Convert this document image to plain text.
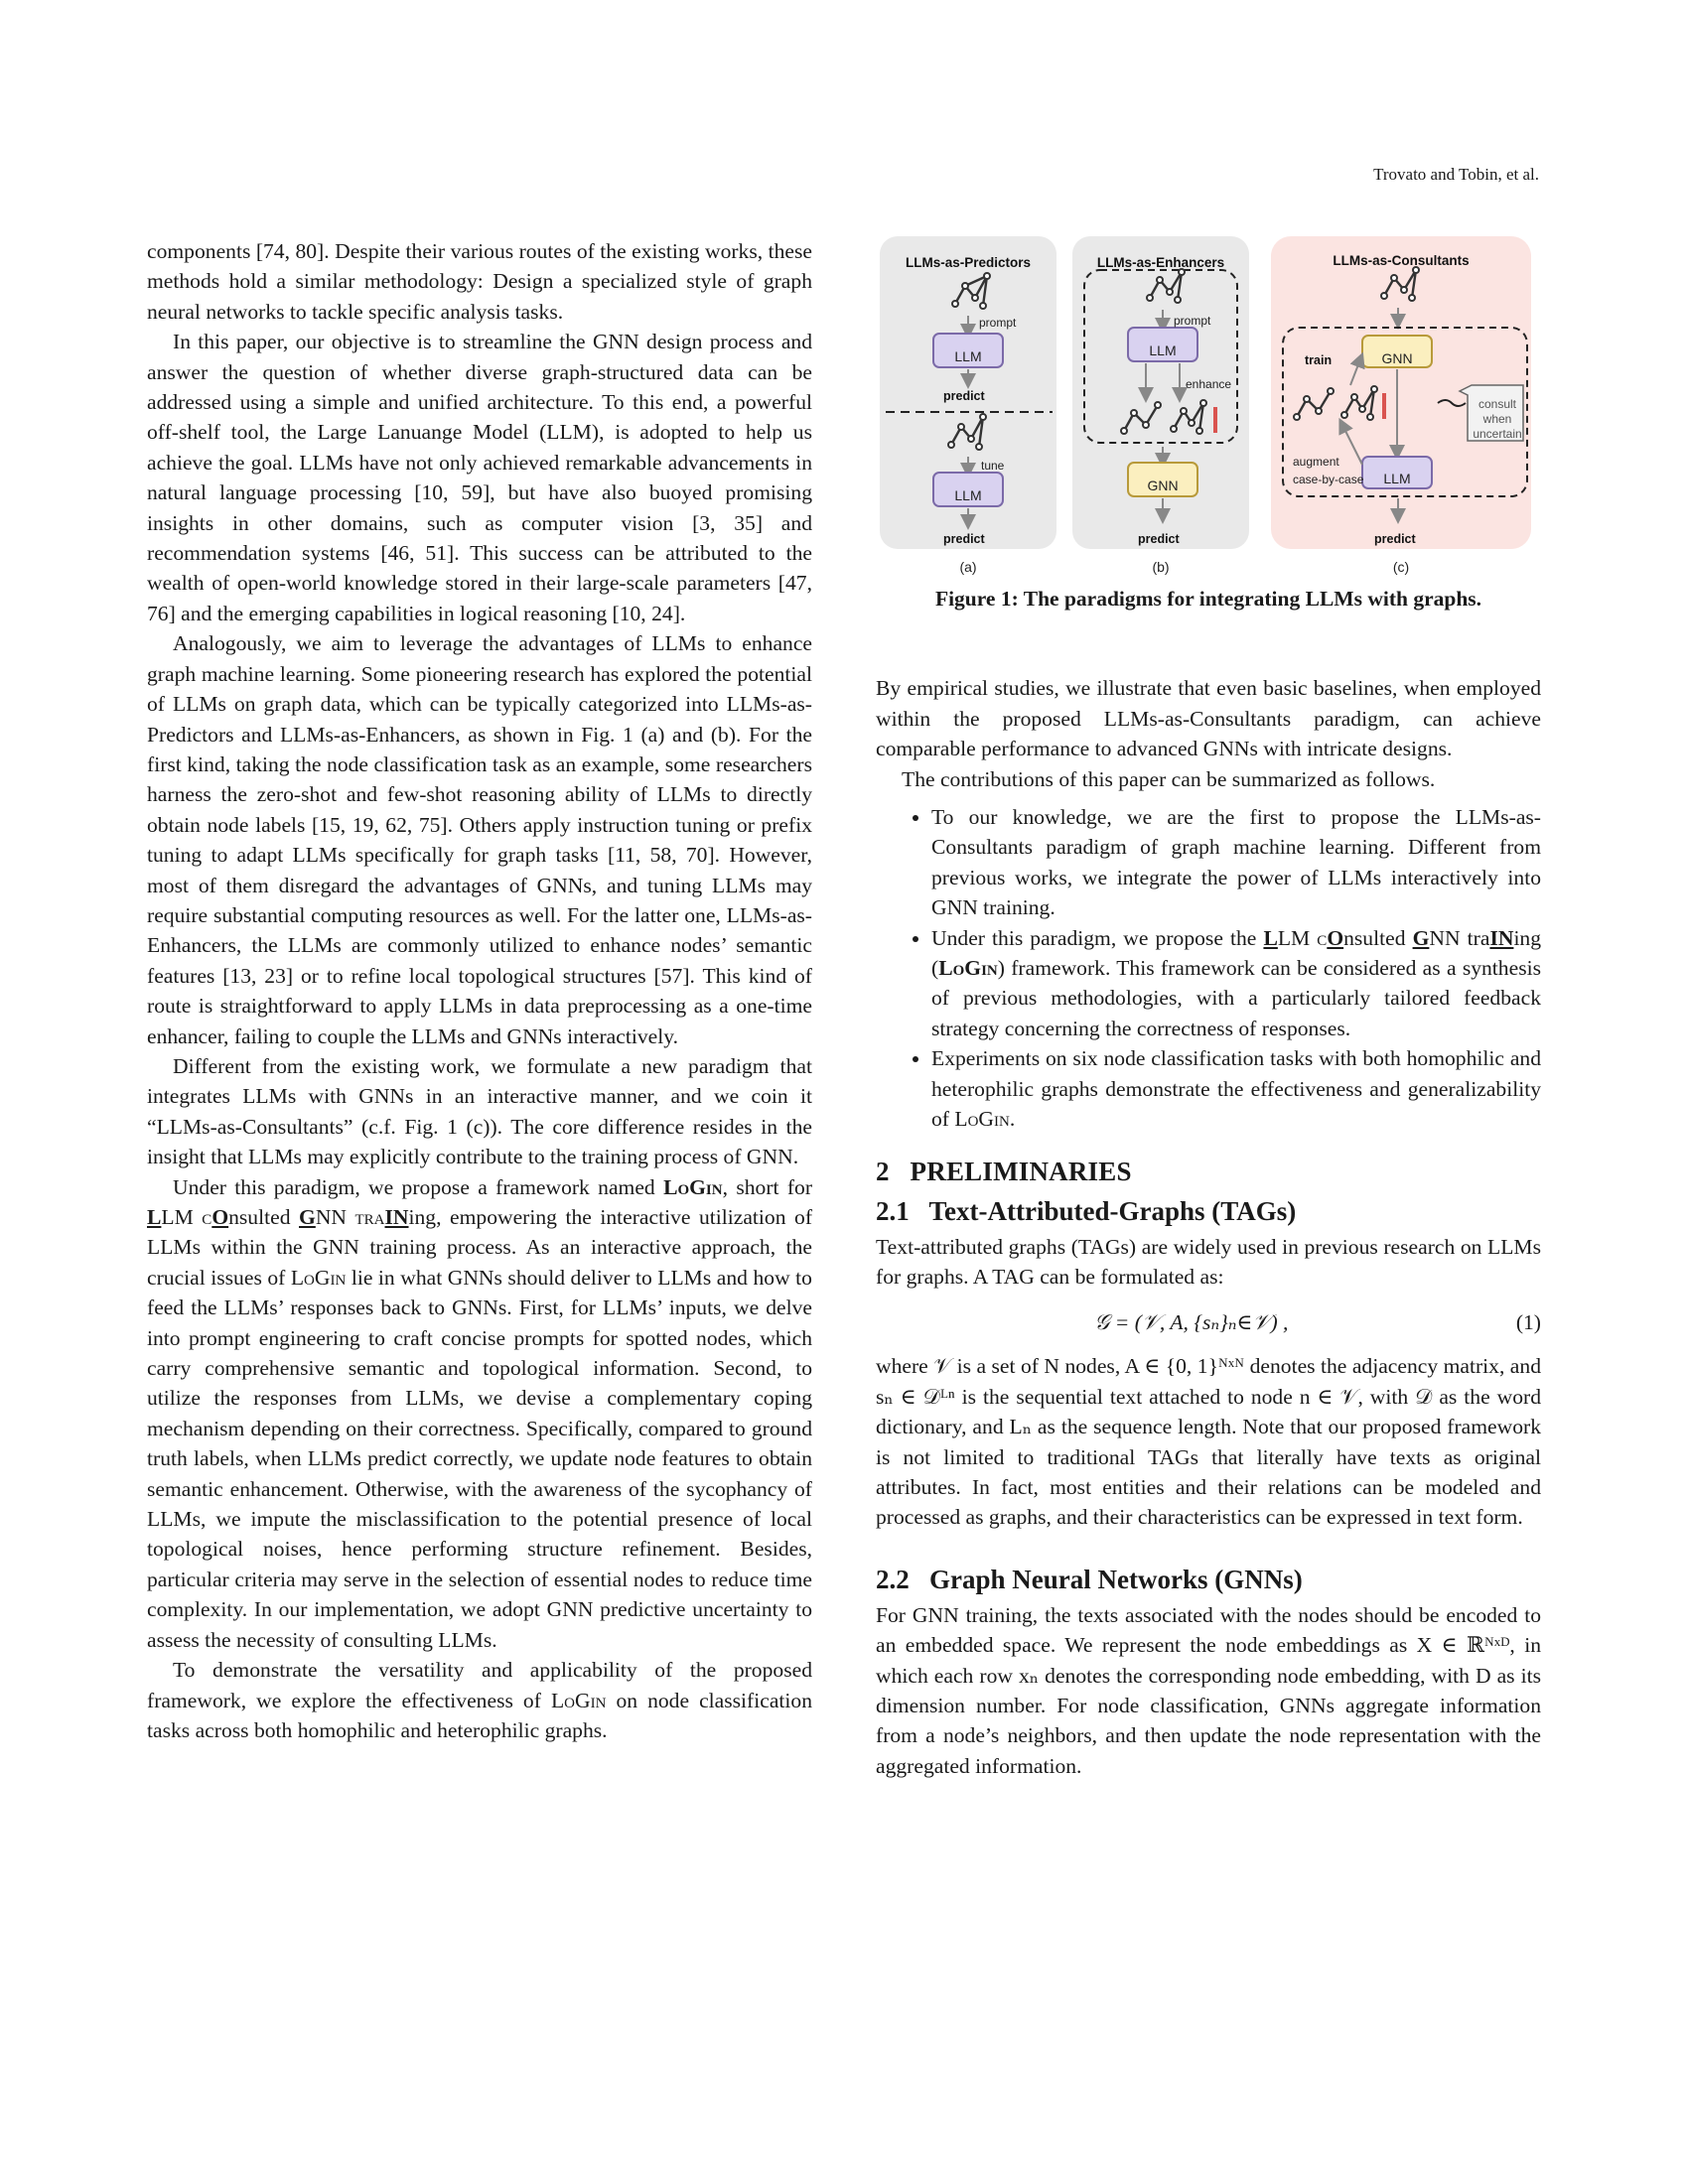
Trovato and Tobin, et al.

components [74, 80]. Despite their various routes of the existing works, these methods hold a similar methodology: Design a specialized style of graph neural networks to tackle specific analysis tasks.

In this paper, our objective is to streamline the GNN design process and answer the question of whether diverse graph-structured data can be addressed using a simple and unified architecture. To this end, a powerful off-shelf tool, the Large Lanuange Model (LLM), is adopted to help us achieve the goal. LLMs have not only achieved remarkable advancements in natural language processing [10, 59], but have also buoyed promising insights in other domains, such as computer vision [3, 35] and recommendation systems [46, 51]. This success can be attributed to the wealth of open-world knowledge stored in their large-scale parameters [47, 76] and the emerging capabilities in logical reasoning [10, 24].

Analogously, we aim to leverage the advantages of LLMs to enhance graph machine learning. Some pioneering research has explored the potential of LLMs on graph data, which can be typically categorized into LLMs-as-Predictors and LLMs-as-Enhancers, as shown in Fig. 1 (a) and (b). For the first kind, taking the node classification task as an example, some researchers harness the zero-shot and few-shot reasoning ability of LLMs to directly obtain node labels [15, 19, 62, 75]. Others apply instruction tuning or prefix tuning to adapt LLMs specifically for graph tasks [11, 58, 70]. However, most of them disregard the advantages of GNNs, and tuning LLMs may require substantial computing resources as well. For the latter one, LLMs-as-Enhancers, the LLMs are commonly utilized to enhance nodes’ semantic features [13, 23] or to refine local topological structures [57]. This kind of route is straightforward to apply LLMs in data preprocessing as a one-time enhancer, failing to couple the LLMs and GNNs interactively.

Different from the existing work, we formulate a new paradigm that integrates LLMs with GNNs in an interactive manner, and we coin it “LLMs-as-Consultants” (c.f. Fig. 1 (c)). The core difference resides in the insight that LLMs may explicitly contribute to the training process of GNN.

Under this paradigm, we propose a framework named LoGin, short for LLM cOnsulted GNN traINing, empowering the interactive utilization of LLMs within the GNN training process. As an interactive approach, the crucial issues of LoGin lie in what GNNs should deliver to LLMs and how to feed the LLMs’ responses back to GNNs. First, for LLMs’ inputs, we delve into prompt engineering to craft concise prompts for spotted nodes, which carry comprehensive semantic and topological information. Second, to utilize the responses from LLMs, we devise a complementary coping mechanism depending on their correctness. Specifically, compared to ground truth labels, when LLMs predict correctly, we update node features to obtain semantic enhancement. Otherwise, with the awareness of the sycophancy of LLMs, we impute the misclassification to the potential presence of local topological noises, hence performing structure refinement. Besides, particular criteria may serve in the selection of essential nodes to reduce time complexity. In our implementation, we adopt GNN predictive uncertainty to assess the necessity of consulting LLMs.

To demonstrate the versatility and applicability of the proposed framework, we explore the effectiveness of LoGin on node classification tasks across both homophilic and heterophilic graphs.

LLMs-as-Predictors	LLMs-as-Enhancers	LLMs-as-Consultants
prompt
LLM
predict
tune
LLM
predict
prompt
LLM
enhance
GNN
predict
train	GNN
consult
when
uncertain
augment
case-by-case	LLM
predict
(a)	(b)	(c)
Figure 1: The paradigms for integrating LLMs with graphs.

By empirical studies, we illustrate that even basic baselines, when employed within the proposed LLMs-as-Consultants paradigm, can achieve comparable performance to advanced GNNs with intricate designs.

The contributions of this paper can be summarized as follows.

• To our knowledge, we are the first to propose the LLMs-as-Consultants paradigm of graph machine learning. Different from previous works, we integrate the power of LLMs interactively into GNN training.
• Under this paradigm, we propose the LLM cOnsulted GNN traINing (LoGin) framework. This framework can be considered as a synthesis of previous methodologies, with a particularly tailored feedback strategy concerning the correctness of responses.
• Experiments on six node classification tasks with both homophilic and heterophilic graphs demonstrate the effectiveness and generalizability of LoGin.
2   PRELIMINARIES
2.1   Text-Attributed-Graphs (TAGs)

Text-attributed graphs (TAGs) are widely used in previous research on LLMs for graphs. A TAG can be formulated as:

𝒢 = (𝒱, A, {sₙ}ₙ∈𝒱) ,	(1)

where 𝒱 is a set of N nodes, A ∈ {0, 1}ᴺˣᴺ denotes the adjacency matrix, and sₙ ∈ 𝒟ᴸⁿ is the sequential text attached to node n ∈ 𝒱, with 𝒟 as the word dictionary, and Lₙ as the sequence length. Note that our proposed framework is not limited to traditional TAGs that literally have texts as original attributes. In fact, most entities and their relations can be modeled and processed as graphs, and their characteristics can be expressed in text form.

2.2   Graph Neural Networks (GNNs)

For GNN training, the texts associated with the nodes should be encoded to an embedded space. We represent the node embeddings as X ∈ ℝᴺˣᴰ, in which each row xₙ denotes the corresponding node embedding, with D as its dimension number. For node classification, GNNs aggregate information from a node’s neighbors, and then update the node representation with the aggregated information.
